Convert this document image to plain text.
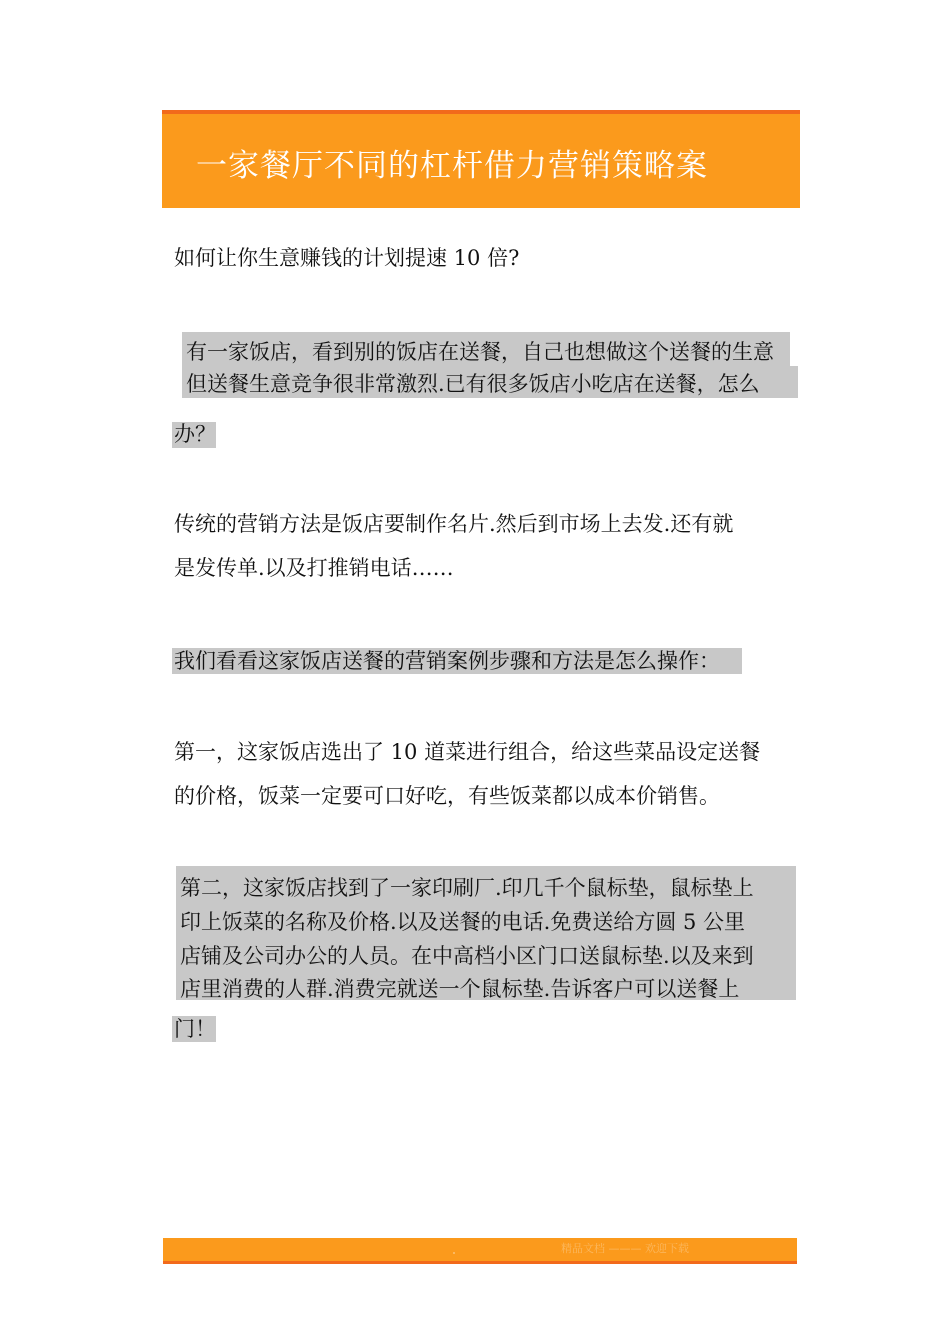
一家餐厅不同的杠杆借力营销策略案
如何让你生意赚钱的计划提速 10 倍?
有一家饭店，看到别的饭店在送餐，自己也想做这个送餐的生意
但送餐生意竞争很非常激烈.已有很多饭店小吃店在送餐，怎么
办？
传统的营销方法是饭店要制作名片.然后到市场上去发.还有就
是发传单.以及打推销电话……
我们看看这家饭店送餐的营销案例步骤和方法是怎么操作：
第一，这家饭店选出了 10 道菜进行组合，给这些菜品设定送餐
的价格，饭菜一定要可口好吃，有些饭菜都以成本价销售。
第二，这家饭店找到了一家印刷厂.印几千个鼠标垫，鼠标垫上
印上饭菜的名称及价格.以及送餐的电话.免费送给方圆 5 公里
店铺及公司办公的人员。在中高档小区门口送鼠标垫.以及来到
店里消费的人群.消费完就送一个鼠标垫.告诉客户可以送餐上
门！
精品文档 ——— 欢迎下载
